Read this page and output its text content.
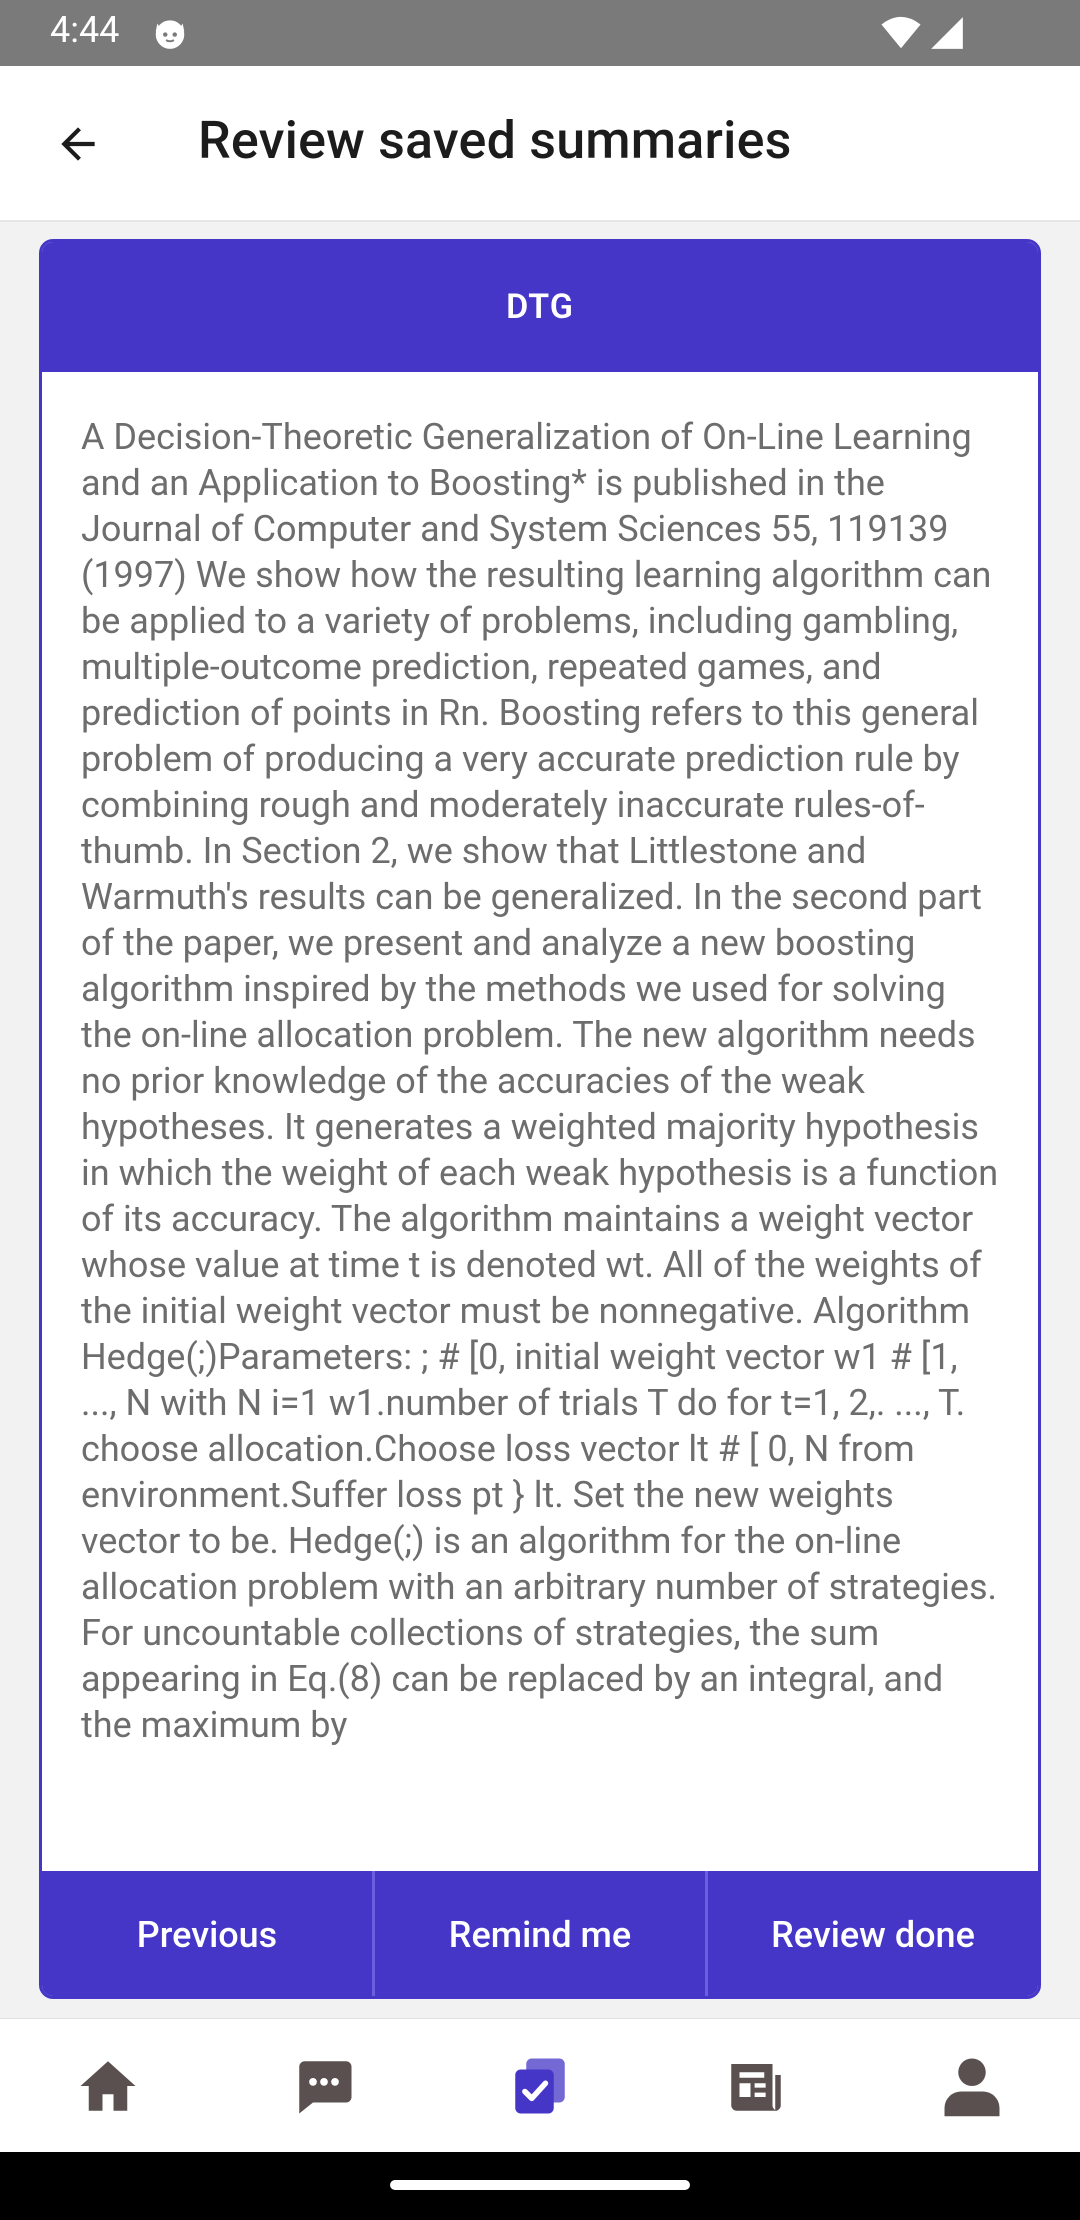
4:44
Review saved summaries
DTG

A Decision-Theoretic Generalization of On-Line Learning and an Application to Boosting* is published in the Journal of Computer and System Sciences 55, 119139 (1997) We show how the resulting learning algorithm can be applied to a variety of problems, including gambling, multiple-outcome prediction, repeated games, and prediction of points in Rn. Boosting refers to this general problem of producing a very accurate prediction rule by combining rough and moderately inaccurate rules-of-thumb. In Section 2, we show that Littlestone and Warmuth's results can be generalized. In the second part of the paper, we present and analyze a new boosting algorithm inspired by the methods we used for solving the on-line allocation problem. The new algorithm needs no prior knowledge of the accuracies of the weak hypotheses. It generates a weighted majority hypothesis in which the weight of each weak hypothesis is a function of its accuracy. The algorithm maintains a weight vector whose value at time t is denoted wt. All of the weights of the initial weight vector must be nonnegative. Algorithm Hedge(;)Parameters: ; # [0, initial weight vector w1 # [1, ..., N with N i=1 w1.number of trials T do for t=1, 2,. ..., T. choose allocation.Choose loss vector lt # [ 0, N from environment.Suffer loss pt } lt. Set the new weights vector to be. Hedge(;) is an algorithm for the on-line allocation problem with an arbitrary number of strategies. For uncountable collections of strategies, the sum appearing in Eq.(8) can be replaced by an integral, and the maximum by

Previous	Remind me	Review done
